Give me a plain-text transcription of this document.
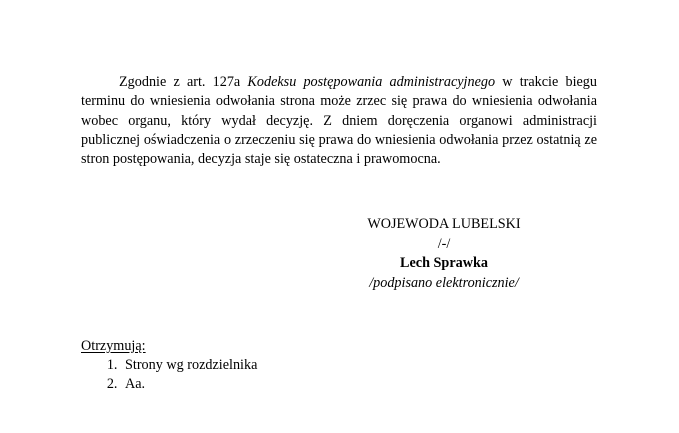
Zgodnie z art. 127a Kodeksu postępowania administracyjnego w trakcie biegu terminu do wniesienia odwołania strona może zrzec się prawa do wniesienia odwołania wobec organu, który wydał decyzję. Z dniem doręczenia organowi administracji publicznej oświadczenia o zrzeczeniu się prawa do wniesienia odwołania przez ostatnią ze stron postępowania, decyzja staje się ostateczna i prawomocna.

WOJEWODA LUBELSKI
/-/
Lech Sprawka
/podpisano elektronicznie/
Otrzymują:
1. Strony wg rozdzielnika
2. Aa.
